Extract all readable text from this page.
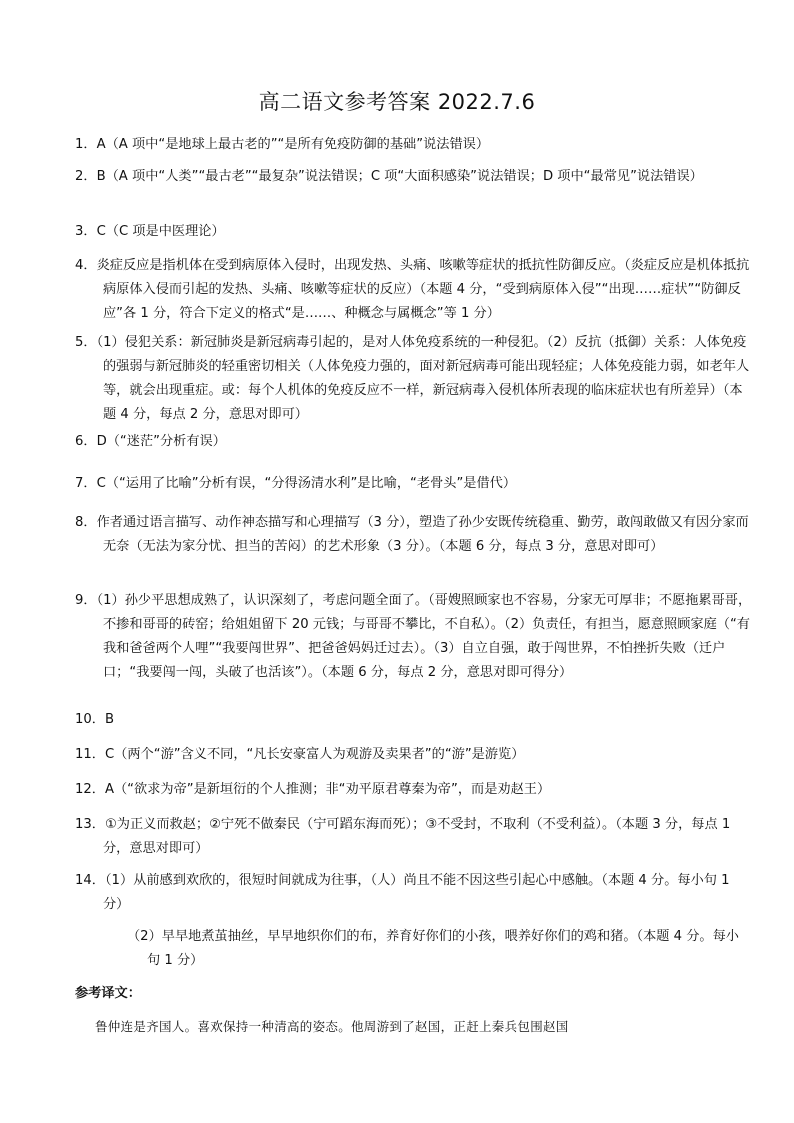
高二语文参考答案 2022.7.6
1．A（A 项中“是地球上最古老的”“是所有免疫防御的基础”说法错误）
2．B（A 项中“人类”“最古老”“最复杂”说法错误；C 项“大面积感染”说法错误；D 项中“最常见”说法错误）
3．C（C 项是中医理论）
4．炎症反应是指机体在受到病原体入侵时，出现发热、头痛、咳嗽等症状的抵抗性防御反应。（炎症反应是机体抵抗病原体入侵而引起的发热、头痛、咳嗽等症状的反应）（本题 4 分，“受到病原体入侵”“出现……症状”“防御反应”各 1 分，符合下定义的格式“是……、种概念与属概念”等 1 分）
5．（1）侵犯关系：新冠肺炎是新冠病毒引起的，是对人体免疫系统的一种侵犯。（2）反抗（抵御）关系：人体免疫的强弱与新冠肺炎的轻重密切相关（人体免疫力强的，面对新冠病毒可能出现轻症；人体免疫能力弱，如老年人等，就会出现重症。或：每个人机体的免疫反应不一样，新冠病毒入侵机体所表现的临床症状也有所差异）（本题 4 分，每点 2 分，意思对即可）
6．D（“迷茫”分析有误）
7．C（“运用了比喻”分析有误，“分得汤清水利”是比喻，“老骨头”是借代）
8．作者通过语言描写、动作神态描写和心理描写（3 分），塑造了孙少安既传统稳重、勤劳，敢闯敢做又有因分家而无奈（无法为家分忧、担当的苦闷）的艺术形象（3 分）。（本题 6 分，每点 3 分，意思对即可）
9．（1）孙少平思想成熟了，认识深刻了，考虑问题全面了。（哥嫂照顾家也不容易，分家无可厚非；不愿拖累哥哥，不掺和哥哥的砖窑；给姐姐留下 20 元钱；与哥哥不攀比，不自私）。（2）负责任，有担当，愿意照顾家庭（“有我和爸爸两个人哩”“我要闯世界”、把爸爸妈妈迁过去）。（3）自立自强，敢于闯世界，不怕挫折失败（迁户口；“我要闯一闯，头破了也活该”）。（本题 6 分，每点 2 分，意思对即可得分）
10．B
11．C（两个“游”含义不同，“凡长安豪富人为观游及卖果者”的“游”是游览）
12．A（“欲求为帝”是新垣衍的个人推测；非“劝平原君尊秦为帝”，而是劝赵王）
13．①为正义而救赵；②宁死不做秦民（宁可蹈东海而死）；③不受封，不取利（不受利益）。（本题 3 分，每点 1 分，意思对即可）
14．（1）从前感到欢欣的，很短时间就成为往事，（人）尚且不能不因这些引起心中感触。（本题 4 分。每小句 1 分）
（2）早早地煮茧抽丝，早早地织你们的布，养育好你们的小孩，喂养好你们的鸡和猪。（本题 4 分。每小句 1 分）
参考译文：
鲁仲连是齐国人。喜欢保持一种清高的姿态。他周游到了赵国，正赶上秦兵包围赵国
